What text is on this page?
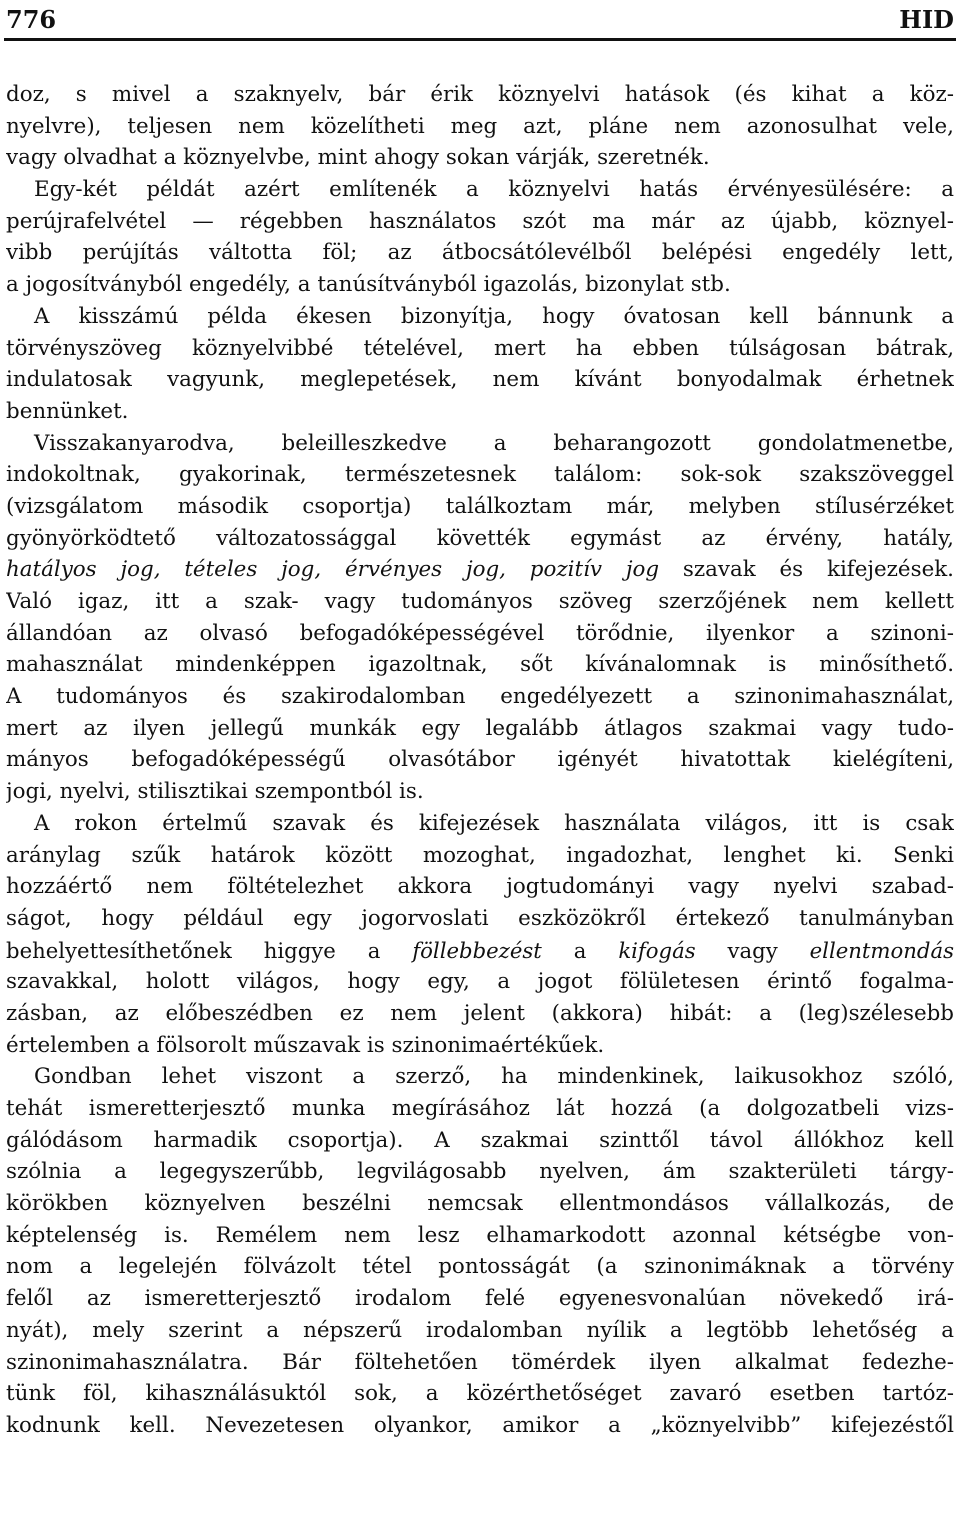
776	HID
doz, s mivel a szaknyelv, bár érik köznyelvi hatások (és kihat a köz-
nyelvre), teljesen nem közelítheti meg azt, pláne nem azonosulhat vele,
vagy olvadhat a köznyelvbe, mint ahogy sokan várják, szeretnék.
Egy-két példát azért említenék a köznyelvi hatás érvényesülésére: a
perújrafelvétel — régebben használatos szót ma már az újabb, köznyel-
vibb perújítás váltotta föl; az átbocsátólevélből belépési engedély lett,
a jogosítványból engedély, a tanúsítványból igazolás, bizonylat stb.
A kisszámú példa ékesen bizonyítja, hogy óvatosan kell bánnunk a
törvényszöveg köznyelvibbé tételével, mert ha ebben túlságosan bátrak,
indulatosak vagyunk, meglepetések, nem kívánt bonyodalmak érhetnek
bennünket.
Visszakanyarodva, beleilleszkedve a beharangozott gondolatmenetbe,
indokoltnak, gyakorinak, természetesnek találom: sok-sok szakszöveggel
(vizsgálatom második csoportja) találkoztam már, melyben stílusérzéket
gyönyörködtető változatossággal követték egymást az érvény, hatály,
hatályos jog, tételes jog, érvényes jog, pozitív jog szavak és kifejezések.
Való igaz, itt a szak- vagy tudományos szöveg szerzőjének nem kellett
állandóan az olvasó befogadóképességével törődnie, ilyenkor a szinoni-
mahasználat mindenképpen igazoltnak, sőt kívánalomnak is minősíthető.
A tudományos és szakirodalomban engedélyezett a szinonimahasználat,
mert az ilyen jellegű munkák egy legalább átlagos szakmai vagy tudo-
mányos befogadóképességű olvasótábor igényét hivatottak kielégíteni,
jogi, nyelvi, stilisztikai szempontból is.
A rokon értelmű szavak és kifejezések használata világos, itt is csak
aránylag szűk határok között mozoghat, ingadozhat, lenghet ki. Senki
hozzáértő nem föltételezhet akkora jogtudományi vagy nyelvi szabad-
ságot, hogy például egy jogorvoslati eszközökről értekező tanulmányban
behelyettesíthetőnek higgye a föllebbezést a kifogás vagy ellentmondás
szavakkal, holott világos, hogy egy, a jogot fölületesen érintő fogalma-
zásban, az előbeszédben ez nem jelent (akkora) hibát: a (leg)szélesebb
értelemben a fölsorolt műszavak is szinonimaértékűek.
Gondban lehet viszont a szerző, ha mindenkinek, laikusokhoz szóló,
tehát ismeretterjesztő munka megírásához lát hozzá (a dolgozatbeli vizs-
gálódásom harmadik csoportja). A szakmai szinttől távol állókhoz kell
szólnia a legegyszerűbb, legvilágosabb nyelven, ám szakterületi tárgy-
körökben köznyelven beszélni nemcsak ellentmondásos vállalkozás, de
képtelenség is. Remélem nem lesz elhamarkodott azonnal kétségbe von-
nom a legelején fölvázolt tétel pontosságát (a szinonimáknak a törvény
felől az ismeretterjesztő irodalom felé egyenesvonalúan növekedő irá-
nyát), mely szerint a népszerű irodalomban nyílik a legtöbb lehetőség a
szinonimahasználatra. Bár föltehetően tömérdek ilyen alkalmat fedezhe-
tünk föl, kihasználásuktól sok, a közérthetőséget zavaró esetben tartóz-
kodnunk kell. Nevezetesen olyankor, amikor a „köznyelvibb” kifejezéstől
